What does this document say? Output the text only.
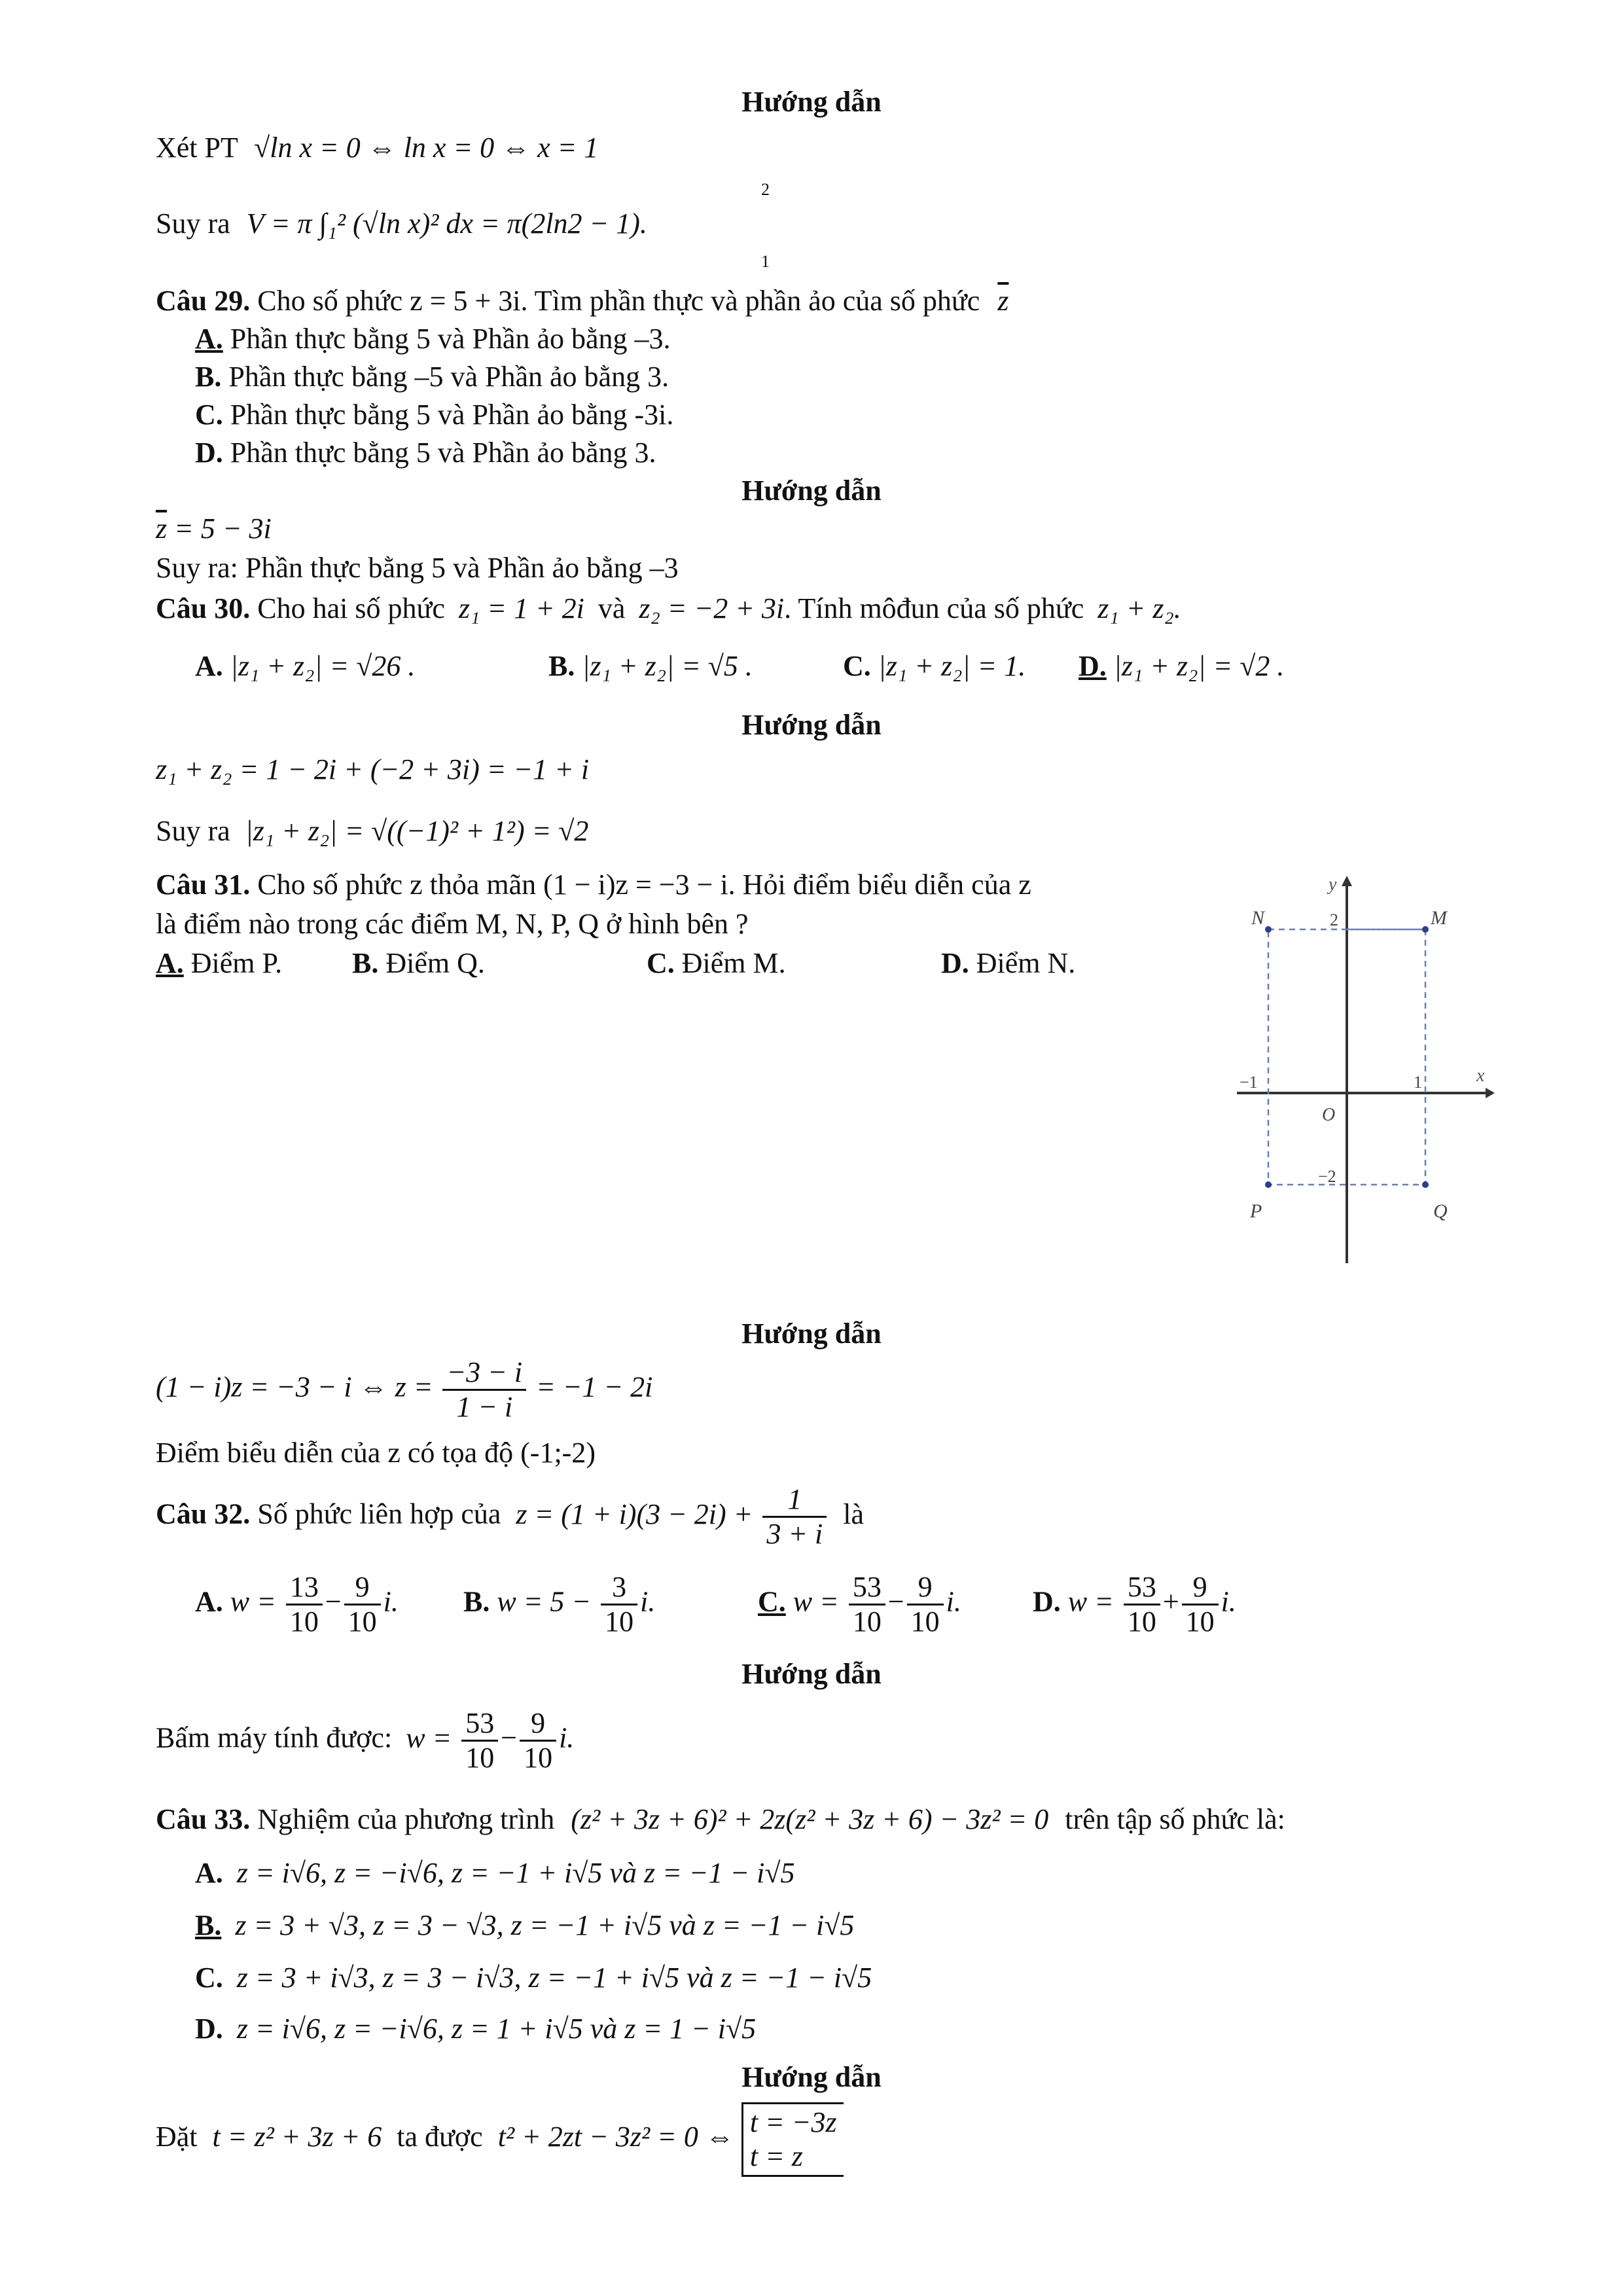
Hướng dẫn
Xét PT √ln x = 0 ⇔ ln x = 0 ⇔ x = 1
2
1
Suy ra V = π ∫₁² (√ln x)² dx = π(2ln2 − 1).
Câu 29. Cho số phức z = 5 + 3i. Tìm phần thực và phần ảo của số phức $\overline{z}$
A. Phần thực bằng 5 và Phần ảo bằng –3.
B. Phần thực bằng –5 và Phần ảo bằng 3.
C. Phần thực bằng 5 và Phần ảo bằng -3i.
D. Phần thực bằng 5 và Phần ảo bằng 3.
Hướng dẫn
$\overline{z} = 5 - 3i$
Suy ra: Phần thực bằng 5 và Phần ảo bằng –3
Câu 30. Cho hai số phức z₁ = 1 + 2i và z₂ = −2 + 3i. Tính môđun của số phức z₁ + z₂.
A. |z₁ + z₂| = √26 .	B. |z₁ + z₂| = √5 .	C. |z₁ + z₂| = 1. D. |z₁ + z₂| = √2 .
Hướng dẫn
z₁ + z₂ = 1 − 2i + (−2 + 3i) = −1 + i
Suy ra |z₁ + z₂| = √((−1)² + 1²) = √2
Câu 31. Cho số phức z thỏa mãn (1 − i)z = −3 − i. Hỏi điểm biểu diễn của z
là điểm nào trong các điểm M, N, P, Q ở hình bên ?
A. Điểm P. B. Điểm Q.	C. Điểm M.	D. Điểm N.
N	M
P	Q
x
y
O
−1	1
2
−2
Hướng dẫn
(1 − i)z = −3 − i ⇔ $z = \frac{-3 - i}{1 - i} = -1 - 2i$
Điểm biểu diễn của z có tọa độ (-1;-2)
Câu 32. Số phức liên hợp của $z = (1 + i)(3 - 2i) + \frac{1}{3 + i}$ là
A. $w = \frac{13}{10} - \frac{9}{10} i$. B. $w = 5 - \frac{3}{10} i$.	C. $w = \frac{53}{10} - \frac{9}{10} i$. D. $w = \frac{53}{10} + \frac{9}{10} i$.
Hướng dẫn
Bấm máy tính được: $w = \frac{53}{10} - \frac{9}{10} i$.
Câu 33. Nghiệm của phương trình (z² + 3z + 6)² + 2z(z² + 3z + 6) − 3z² = 0 trên tập số phức là:
A. z = i√6, z = −i√6, z = −1 + i√5 và z = −1 − i√5
B. z = 3 + √3, z = 3 − √3, z = −1 + i√5 và z = −1 − i√5
C. z = 3 + i√3, z = 3 − i√3, z = −1 + i√5 và z = −1 − i√5
D. z = i√6, z = −i√6, z = 1 + i√5 và z = 1 − i√5
Hướng dẫn
Đặt t = z² + 3z + 6 ta được t² + 2zt − 3z² = 0 ⇔ t = −3z
t = z
